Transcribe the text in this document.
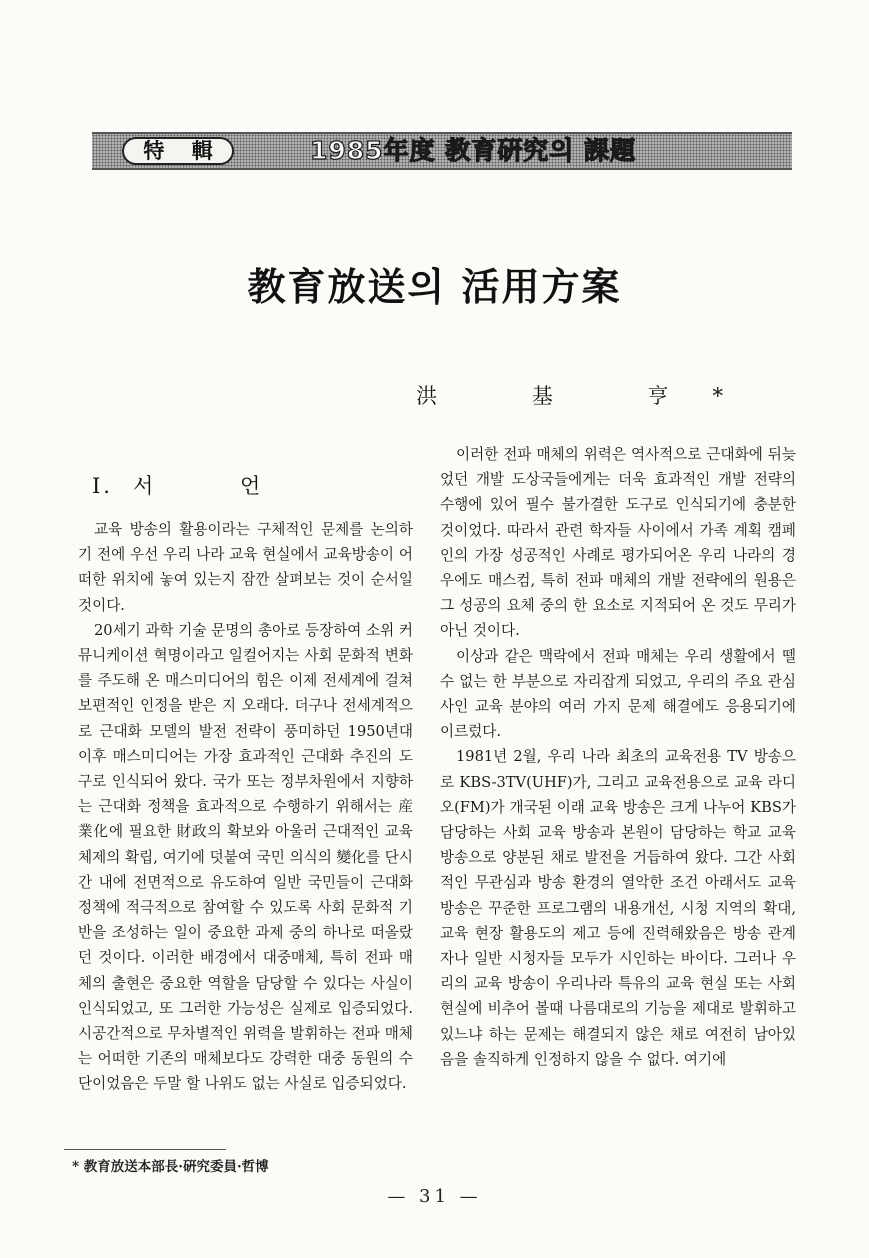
特 輯	1985年度 教育硏究의 課題
教育放送의 活用方案
洪 基 亨*
I. 서 언

교육 방송의 활용이라는 구체적인 문제를 논의하기 전에 우선 우리 나라 교육 현실에서 교육방송이 어떠한 위치에 놓여 있는지 잠깐 살펴보는 것이 순서일 것이다.

20세기 과학 기술 문명의 총아로 등장하여 소위 커뮤니케이션 혁명이라고 일컬어지는 사회 문화적 변화를 주도해 온 매스미디어의 힘은 이제 전세계에 걸쳐 보편적인 인정을 받은 지 오래다. 더구나 전세계적으로 근대화 모델의 발전 전략이 풍미하던 1950년대 이후 매스미디어는 가장 효과적인 근대화 추진의 도구로 인식되어 왔다. 국가 또는 정부차원에서 지향하는 근대화 정책을 효과적으로 수행하기 위해서는 産業化에 필요한 財政의 확보와 아울러 근대적인 교육 체제의 확립, 여기에 덧붙여 국민 의식의 變化를 단시간 내에 전면적으로 유도하여 일반 국민들이 근대화 정책에 적극적으로 참여할 수 있도록 사회 문화적 기반을 조성하는 일이 중요한 과제 중의 하나로 떠올랐던 것이다. 이러한 배경에서 대중매체, 특히 전파 매체의 출현은 중요한 역할을 담당할 수 있다는 사실이 인식되었고, 또 그러한 가능성은 실제로 입증되었다. 시공간적으로 무차별적인 위력을 발휘하는 전파 매체는 어떠한 기존의 매체보다도 강력한 대중 동원의 수단이었음은 두말 할 나위도 없는 사실로 입증되었다.

이러한 전파 매체의 위력은 역사적으로 근대화에 뒤늦었던 개발 도상국들에게는 더욱 효과적인 개발 전략의 수행에 있어 필수 불가결한 도구로 인식되기에 충분한 것이었다. 따라서 관련 학자들 사이에서 가족 계획 캠페인의 가장 성공적인 사례로 평가되어온 우리 나라의 경우에도 매스컴, 특히 전파 매체의 개발 전략에의 원용은 그 성공의 요체 중의 한 요소로 지적되어 온 것도 무리가 아닌 것이다.

이상과 같은 맥락에서 전파 매체는 우리 생활에서 뗄 수 없는 한 부분으로 자리잡게 되었고, 우리의 주요 관심사인 교육 분야의 여러 가지 문제 해결에도 응용되기에 이르렀다.

1981년 2월, 우리 나라 최초의 교육전용 TV 방송으로 KBS-3TV(UHF)가, 그리고 교육전용으로 교육 라디오(FM)가 개국된 이래 교육 방송은 크게 나누어 KBS가 담당하는 사회 교육 방송과 본원이 담당하는 학교 교육 방송으로 양분된 채로 발전을 거듭하여 왔다. 그간 사회적인 무관심과 방송 환경의 열악한 조건 아래서도 교육방송은 꾸준한 프로그램의 내용개선, 시청 지역의 확대, 교육 현장 활용도의 제고 등에 진력해왔음은 방송 관계자나 일반 시청자들 모두가 시인하는 바이다. 그러나 우리의 교육 방송이 우리나라 특유의 교육 현실 또는 사회 현실에 비추어 볼때 나름대로의 기능을 제대로 발휘하고 있느냐 하는 문제는 해결되지 않은 채로 여전히 남아있음을 솔직하게 인정하지 않을 수 없다. 여기에

* 教育放送本部長·硏究委員·哲博
— 31 —
